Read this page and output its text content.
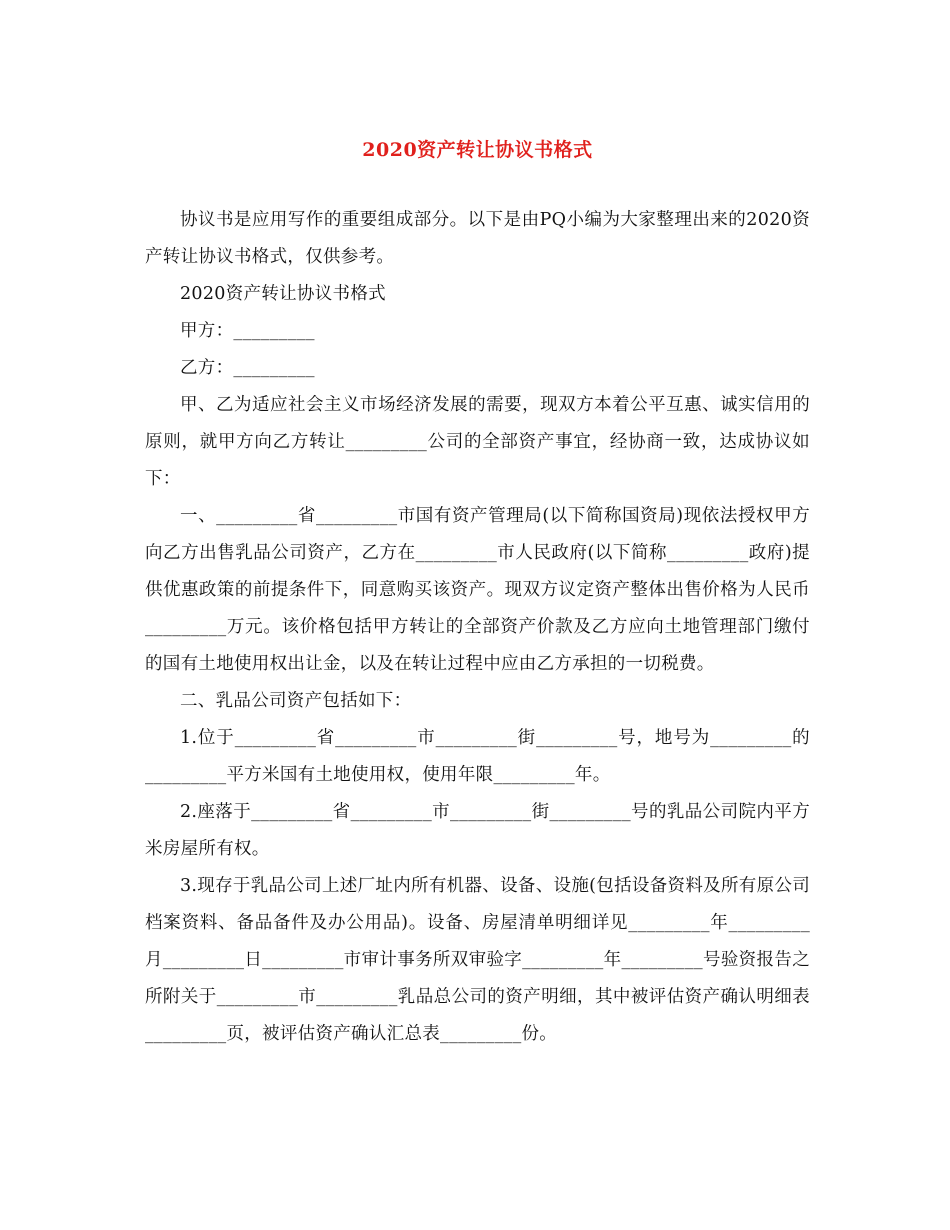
2020资产转让协议书格式

协议书是应用写作的重要组成部分。以下是由PQ小编为大家整理出来的2020资产转让协议书格式，仅供参考。

2020资产转让协议书格式

甲方：_________

乙方：_________

甲、乙为适应社会主义市场经济发展的需要，现双方本着公平互惠、诚实信用的原则，就甲方向乙方转让_________公司的全部资产事宜，经协商一致，达成协议如下：

一、_________省_________市国有资产管理局(以下简称国资局)现依法授权甲方向乙方出售乳品公司资产，乙方在_________市人民政府(以下简称_________政府)提供优惠政策的前提条件下，同意购买该资产。现双方议定资产整体出售价格为人民币_________万元。该价格包括甲方转让的全部资产价款及乙方应向土地管理部门缴付的国有土地使用权出让金，以及在转让过程中应由乙方承担的一切税费。

二、乳品公司资产包括如下：

1.位于_________省_________市_________街_________号，地号为_________的_________平方米国有土地使用权，使用年限_________年。

2.座落于_________省_________市_________街_________号的乳品公司院内平方米房屋所有权。

3.现存于乳品公司上述厂址内所有机器、设备、设施(包括设备资料及所有原公司档案资料、备品备件及办公用品)。设备、房屋清单明细详见_________年_________月_________日_________市审计事务所双审验字_________年_________号验资报告之所附关于_________市_________乳品总公司的资产明细，其中被评估资产确认明细表_________页，被评估资产确认汇总表_________份。
